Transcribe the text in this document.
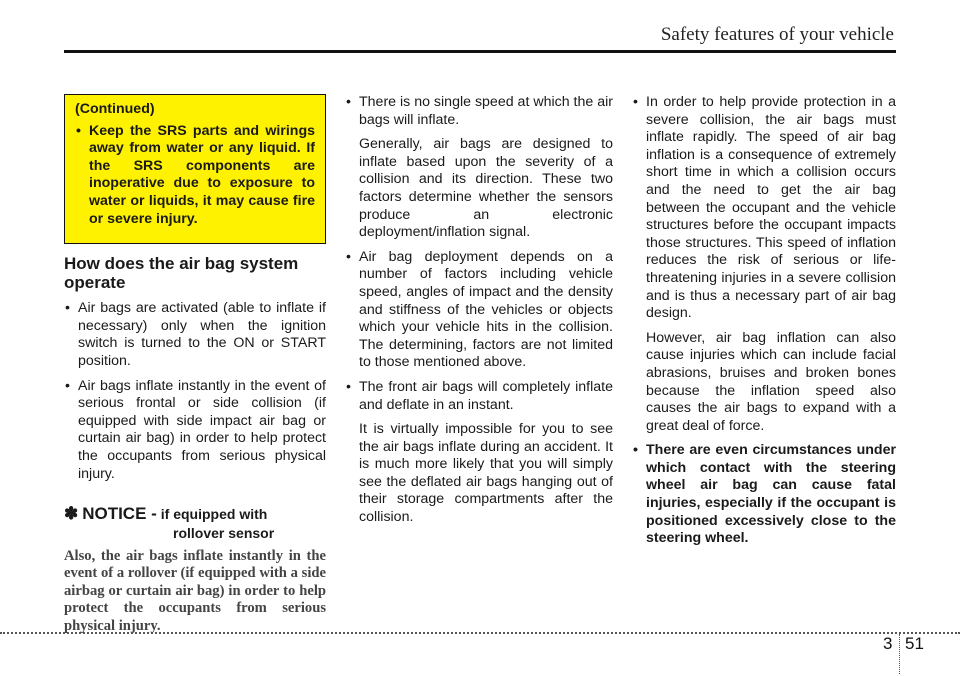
Safety features of your vehicle
(Continued)
• Keep the SRS parts and wirings away from water or any liquid. If the SRS components are inoperative due to exposure to water or liquids, it may cause fire or severe injury.
How does the air bag system operate
• Air bags are activated (able to inflate if necessary) only when the ignition switch is turned to the ON or START position.
• Air bags inflate instantly in the event of serious frontal or side collision (if equipped with side impact air bag or curtain air bag) in order to help protect the occupants from serious physical injury.
✽ NOTICE - if equipped with
rollover sensor
Also, the air bags inflate instantly in the event of a rollover (if equipped with a side airbag or curtain air bag) in order to help protect the occupants from serious physical injury.
• There is no single speed at which the air bags will inflate.
Generally, air bags are designed to inflate based upon the severity of a collision and its direction. These two factors determine whether the sensors produce an electronic deployment/inflation signal.
• Air bag deployment depends on a number of factors including vehicle speed, angles of impact and the density and stiffness of the vehicles or objects which your vehicle hits in the collision. The determining, factors are not limited to those mentioned above.
• The front air bags will completely inflate and deflate in an instant.
It is virtually impossible for you to see the air bags inflate during an accident. It is much more likely that you will simply see the deflated air bags hanging out of their storage compartments after the collision.
• In order to help provide protection in a severe collision, the air bags must inflate rapidly. The speed of air bag inflation is a consequence of extremely short time in which a collision occurs and the need to get the air bag between the occupant and the vehicle structures before the occupant impacts those structures. This speed of inflation reduces the risk of serious or life-threatening injuries in a severe collision and is thus a necessary part of air bag design.
However, air bag inflation can also cause injuries which can include facial abrasions, bruises and broken bones because the inflation speed also causes the air bags to expand with a great deal of force.
• There are even circumstances under which contact with the steering wheel air bag can cause fatal injuries, especially if the occupant is positioned excessively close to the steering wheel.
3 51
